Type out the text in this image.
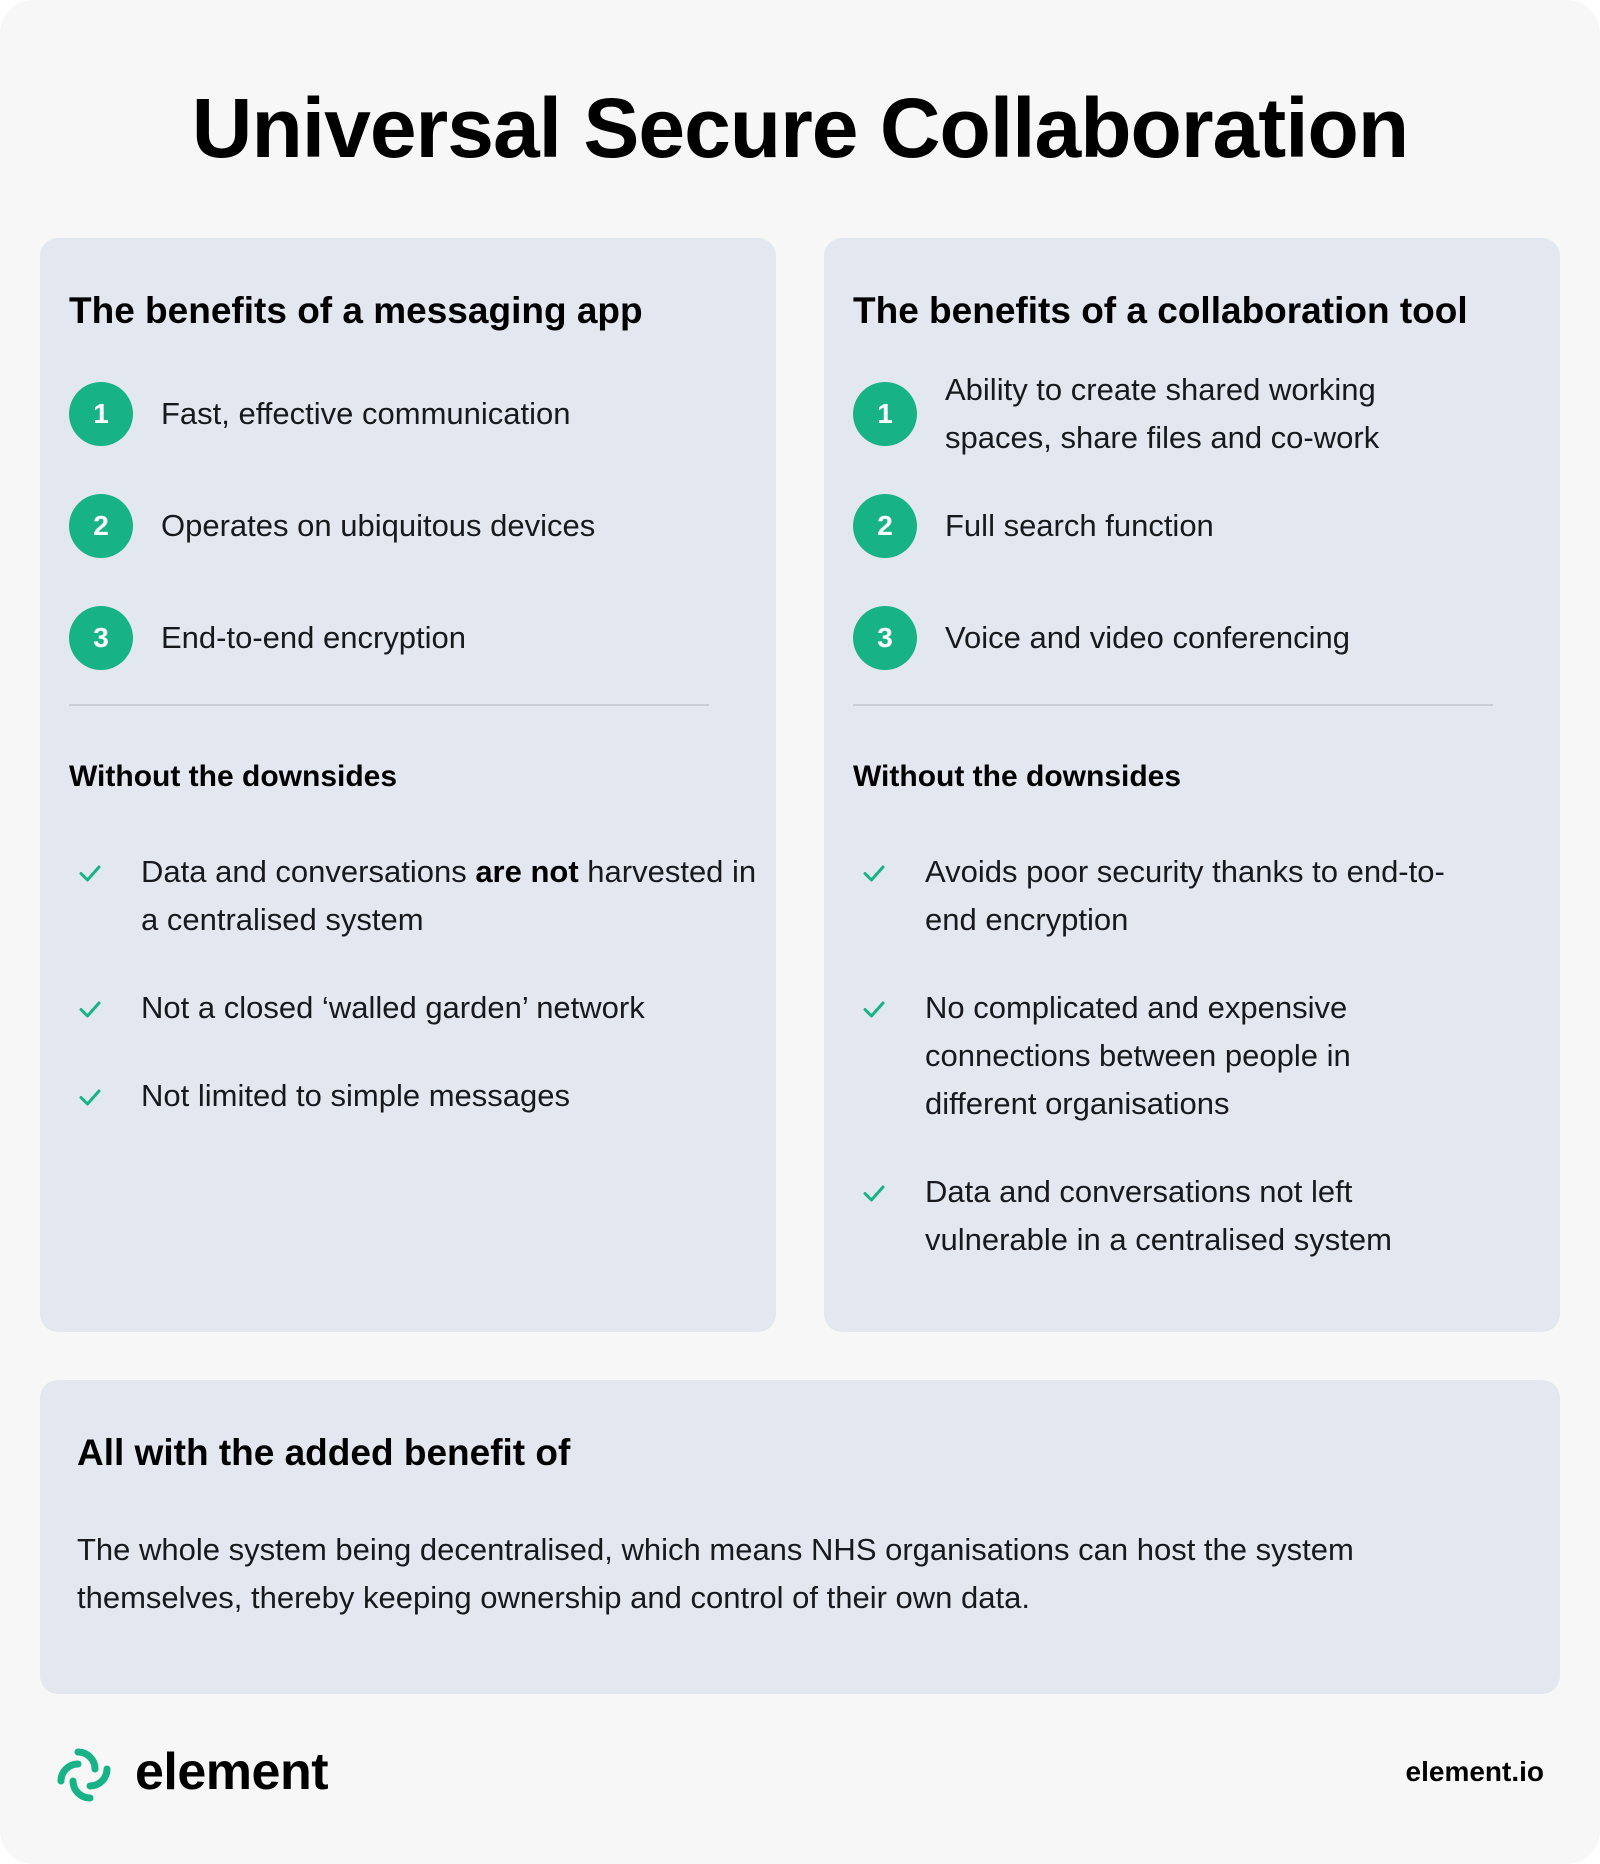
Universal Secure Collaboration
The benefits of a messaging app
1	Fast, effective communication
2	Operates on ubiquitous devices
3	End-to-end encryption
Without the downsides
Data and conversations are not harvested in a centralised system
Not a closed ‘walled garden’ network
Not limited to simple messages
The benefits of a collaboration tool
1
Ability to create shared working spaces, share files and co-work
2	Full search function
3	Voice and video conferencing
Without the downsides
Avoids poor security thanks to end-to-end encryption
No complicated and expensive connections between people in different organisations
Data and conversations not left vulnerable in a centralised system
All with the added benefit of

The whole system being decentralised, which means NHS organisations can host the system themselves, thereby keeping ownership and control of their own data.

element	element.io
